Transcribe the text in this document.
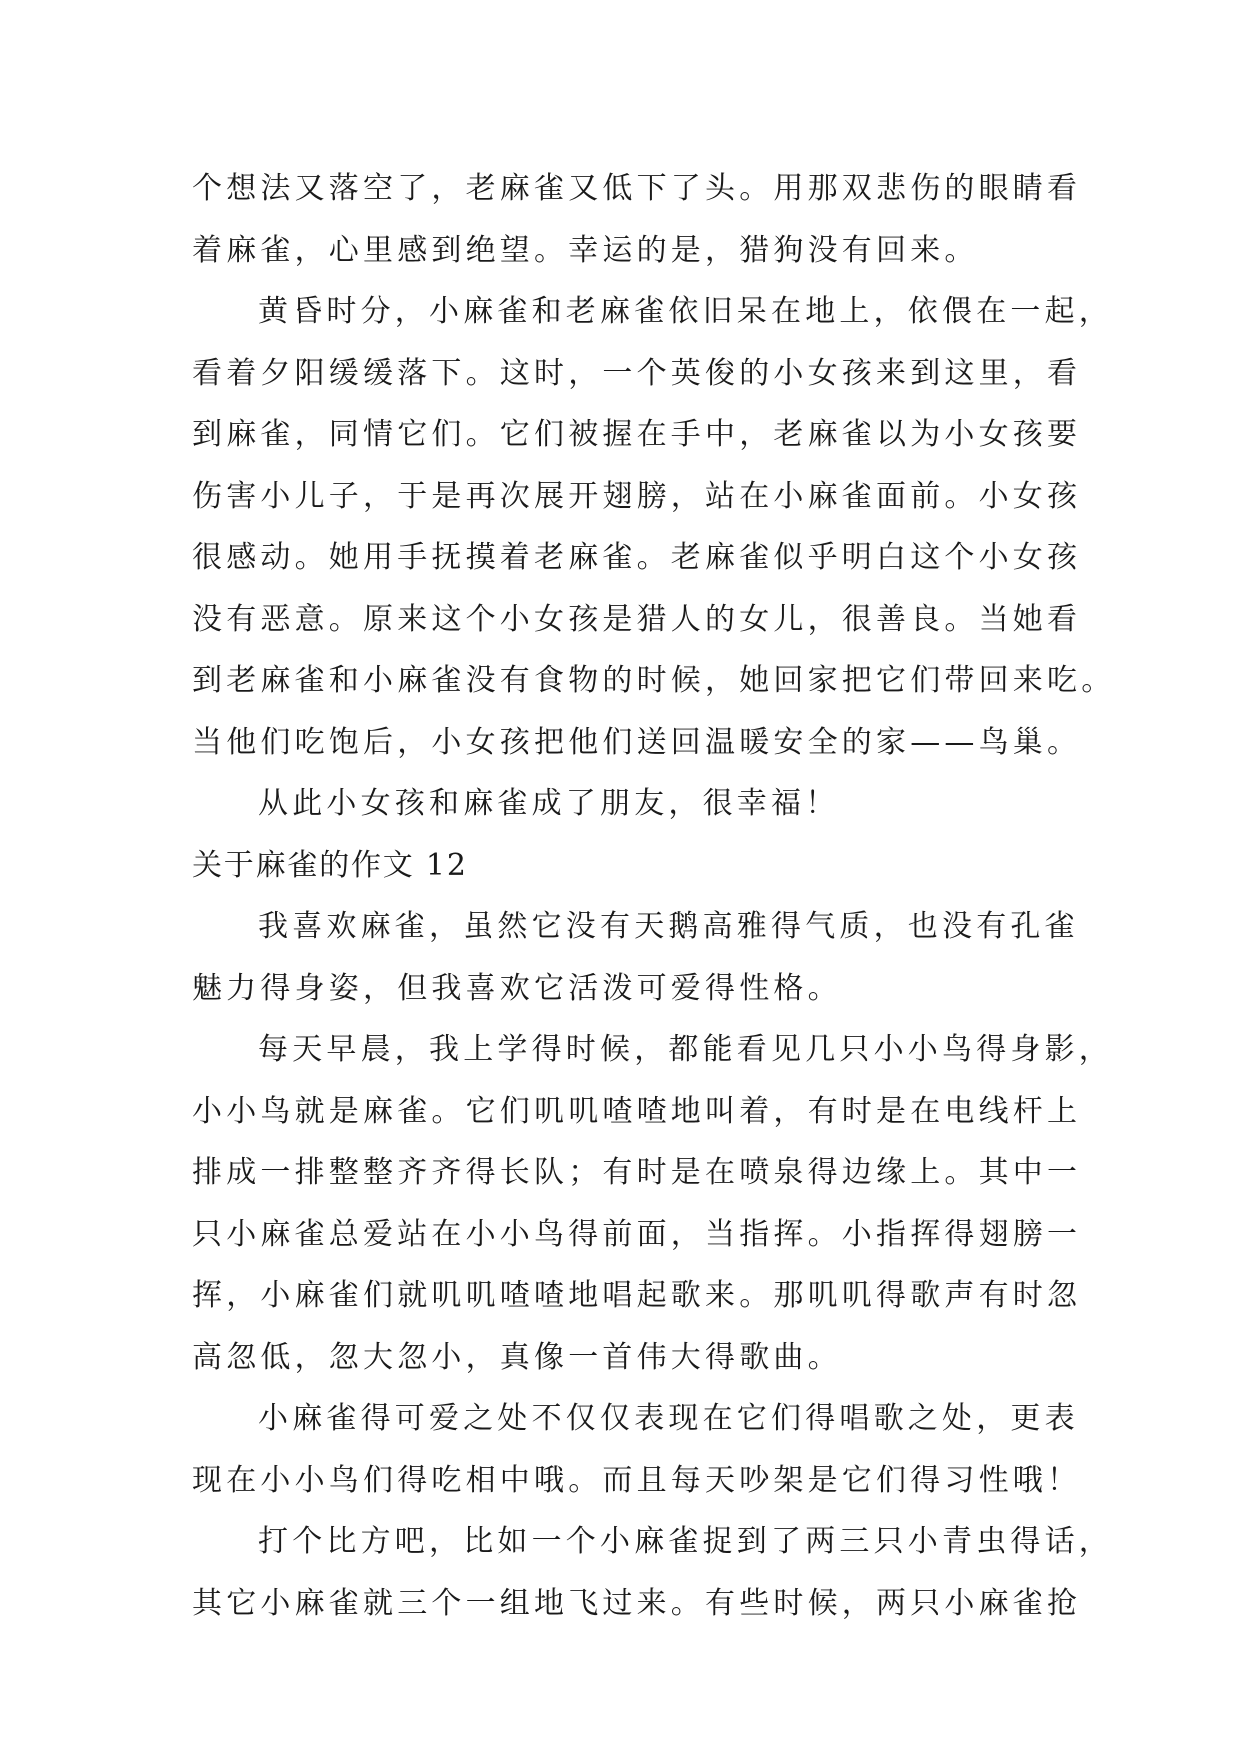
个想法又落空了，老麻雀又低下了头。用那双悲伤的眼睛看
着麻雀，心里感到绝望。幸运的是，猎狗没有回来。
黄昏时分，小麻雀和老麻雀依旧呆在地上，依偎在一起，
看着夕阳缓缓落下。这时，一个英俊的小女孩来到这里，看
到麻雀，同情它们。它们被握在手中，老麻雀以为小女孩要
伤害小儿子，于是再次展开翅膀，站在小麻雀面前。小女孩
很感动。她用手抚摸着老麻雀。老麻雀似乎明白这个小女孩
没有恶意。原来这个小女孩是猎人的女儿，很善良。当她看
到老麻雀和小麻雀没有食物的时候，她回家把它们带回来吃。
当他们吃饱后，小女孩把他们送回温暖安全的家——鸟巢。
从此小女孩和麻雀成了朋友，很幸福！
关于麻雀的作文 12
我喜欢麻雀，虽然它没有天鹅高雅得气质，也没有孔雀
魅力得身姿，但我喜欢它活泼可爱得性格。
每天早晨，我上学得时候，都能看见几只小小鸟得身影，
小小鸟就是麻雀。它们叽叽喳喳地叫着，有时是在电线杆上
排成一排整整齐齐得长队；有时是在喷泉得边缘上。其中一
只小麻雀总爱站在小小鸟得前面，当指挥。小指挥得翅膀一
挥，小麻雀们就叽叽喳喳地唱起歌来。那叽叽得歌声有时忽
高忽低，忽大忽小，真像一首伟大得歌曲。
小麻雀得可爱之处不仅仅表现在它们得唱歌之处，更表
现在小小鸟们得吃相中哦。而且每天吵架是它们得习性哦！
打个比方吧，比如一个小麻雀捉到了两三只小青虫得话，
其它小麻雀就三个一组地飞过来。有些时候，两只小麻雀抢
